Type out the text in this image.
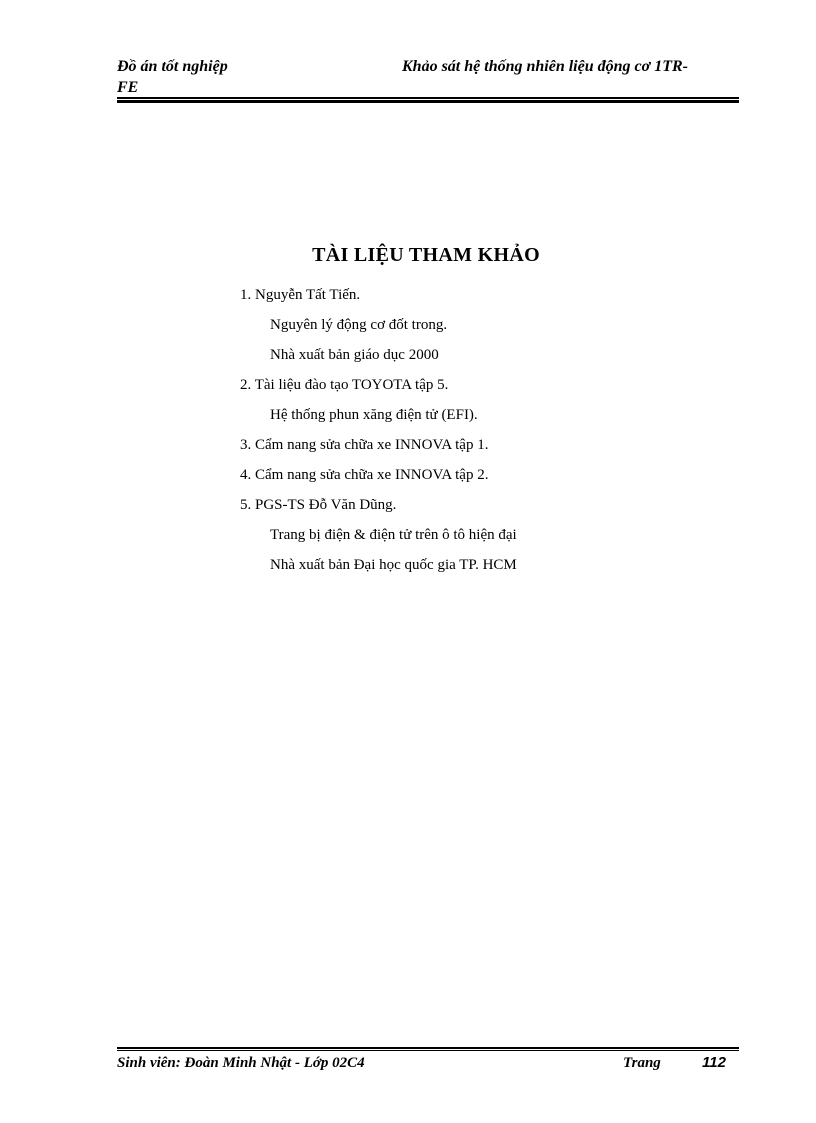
Đồ án tốt nghiệp	Khảo sát hệ thống nhiên liệu động cơ 1TR-
FE
TÀI LIỆU THAM KHẢO
1. Nguyễn Tất Tiến.
Nguyên lý động cơ đốt trong.
Nhà xuất bản giáo dục 2000
2. Tài liệu đào tạo TOYOTA tập 5.
Hệ thống phun xăng điện tử (EFI).
3. Cẩm nang sửa chữa xe INNOVA tập 1.
4. Cẩm nang sửa chữa xe INNOVA tập 2.
5. PGS-TS Đỗ Văn Dũng.
Trang bị điện & điện tử trên ô tô hiện đại
Nhà xuất bản Đại học quốc gia TP. HCM
Sinh viên: Đoàn Minh Nhật - Lớp 02C4	Trang	112
